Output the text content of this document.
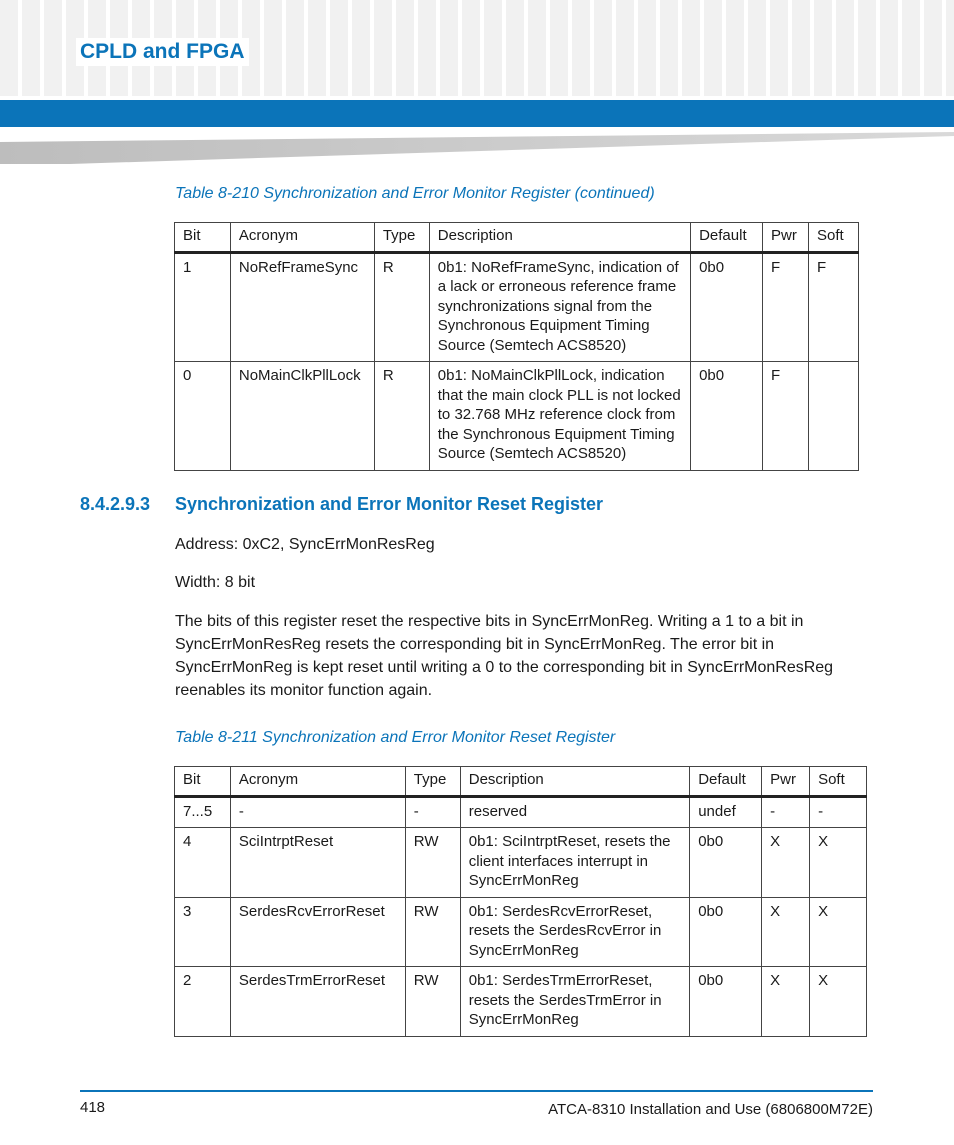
CPLD and FPGA
Table 8-210 Synchronization and Error Monitor Register (continued)
Bit	Acronym	Type	Description	Default	Pwr	Soft
1	NoRefFrameSync	R	0b1: NoRefFrameSync, indication of a lack or erroneous reference frame synchronizations signal from the Synchronous Equipment Timing Source (Semtech ACS8520)	0b0	F	F
0	NoMainClkPllLock	R	0b1: NoMainClkPllLock, indication that the main clock PLL is not locked to 32.768 MHz reference clock from the Synchronous Equipment Timing Source (Semtech ACS8520)	0b0	F	
8.4.2.9.3 Synchronization and Error Monitor Reset Register
Address: 0xC2, SyncErrMonResReg
Width: 8 bit
The bits of this register reset the respective bits in SyncErrMonReg. Writing a 1 to a bit in SyncErrMonResReg resets the corresponding bit in SyncErrMonReg. The error bit in SyncErrMonReg is kept reset until writing a 0 to the corresponding bit in SyncErrMonResReg reenables its monitor function again.
Table 8-211 Synchronization and Error Monitor Reset Register
Bit	Acronym	Type	Description	Default	Pwr	Soft
7...5	-	-	reserved	undef	-	-
4	SciIntrptReset	RW	0b1: SciIntrptReset, resets the client interfaces interrupt in SyncErrMonReg	0b0	X	X
3	SerdesRcvErrorReset	RW	0b1: SerdesRcvErrorReset, resets the SerdesRcvError in SyncErrMonReg	0b0	X	X
2	SerdesTrmErrorReset	RW	0b1: SerdesTrmErrorReset, resets the SerdesTrmError in SyncErrMonReg	0b0	X	X
418	ATCA-8310 Installation and Use (6806800M72E)
